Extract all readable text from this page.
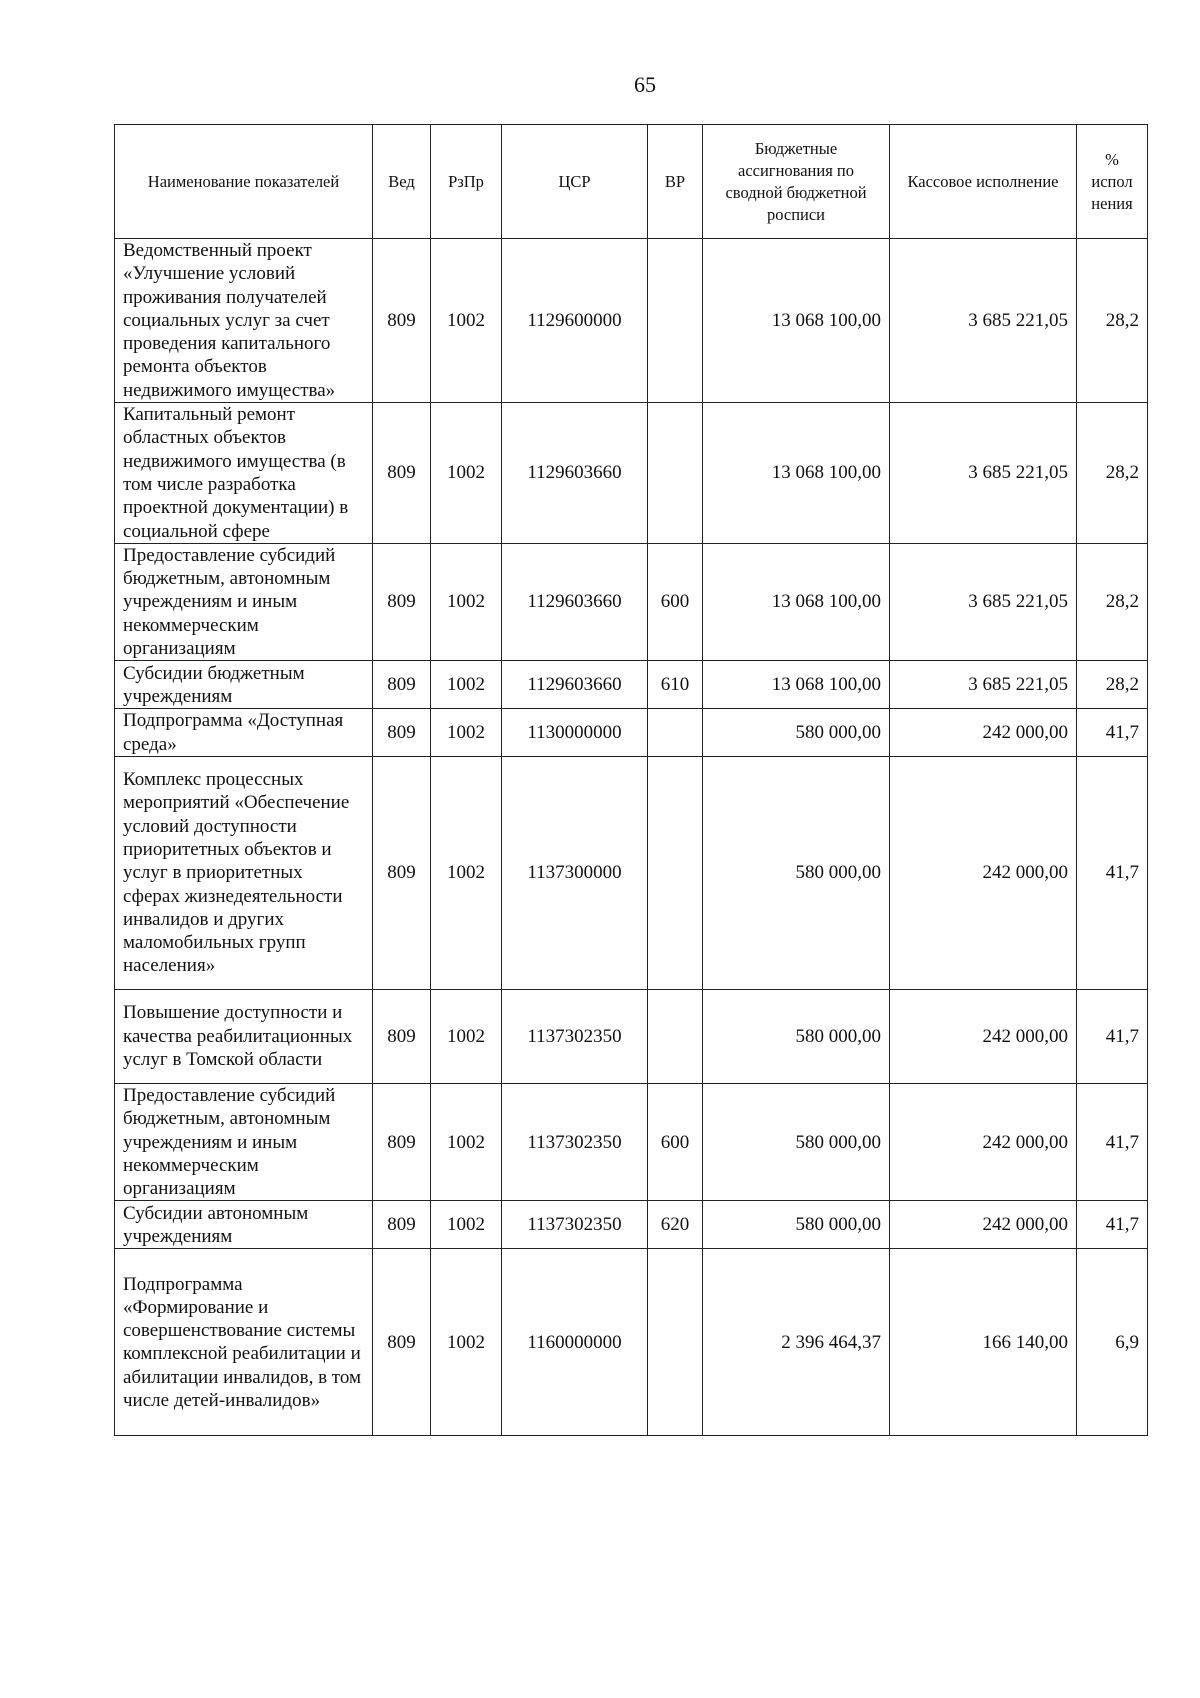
65
Наименование показателей	Вед	РзПр	ЦСР	ВР	Бюджетные ассигнования по сводной бюджетной росписи	Кассовое исполнение	% испол нения
Ведомственный проект «Улучшение условий проживания получателей социальных услуг за счет проведения капитального ремонта объектов недвижимого имущества»	809	1002	1129600000		13 068 100,00	3 685 221,05	28,2
Капитальный ремонт областных объектов недвижимого имущества (в том числе разработка проектной документации) в социальной сфере	809	1002	1129603660		13 068 100,00	3 685 221,05	28,2
Предоставление субсидий бюджетным, автономным учреждениям и иным некоммерческим организациям	809	1002	1129603660	600	13 068 100,00	3 685 221,05	28,2
Субсидии бюджетным учреждениям	809	1002	1129603660	610	13 068 100,00	3 685 221,05	28,2
Подпрограмма «Доступная среда»	809	1002	1130000000		580 000,00	242 000,00	41,7
Комплекс процессных мероприятий «Обеспечение условий доступности приоритетных объектов и услуг в приоритетных сферах жизнедеятельности инвалидов и других маломобильных групп населения»	809	1002	1137300000		580 000,00	242 000,00	41,7
Повышение доступности и качества реабилитационных услуг в Томской области	809	1002	1137302350		580 000,00	242 000,00	41,7
Предоставление субсидий бюджетным, автономным учреждениям и иным некоммерческим организациям	809	1002	1137302350	600	580 000,00	242 000,00	41,7
Субсидии автономным учреждениям	809	1002	1137302350	620	580 000,00	242 000,00	41,7
Подпрограмма «Формирование и совершенствование системы комплексной реабилитации и абилитации инвалидов, в том числе детей-инвалидов»	809	1002	1160000000		2 396 464,37	166 140,00	6,9
